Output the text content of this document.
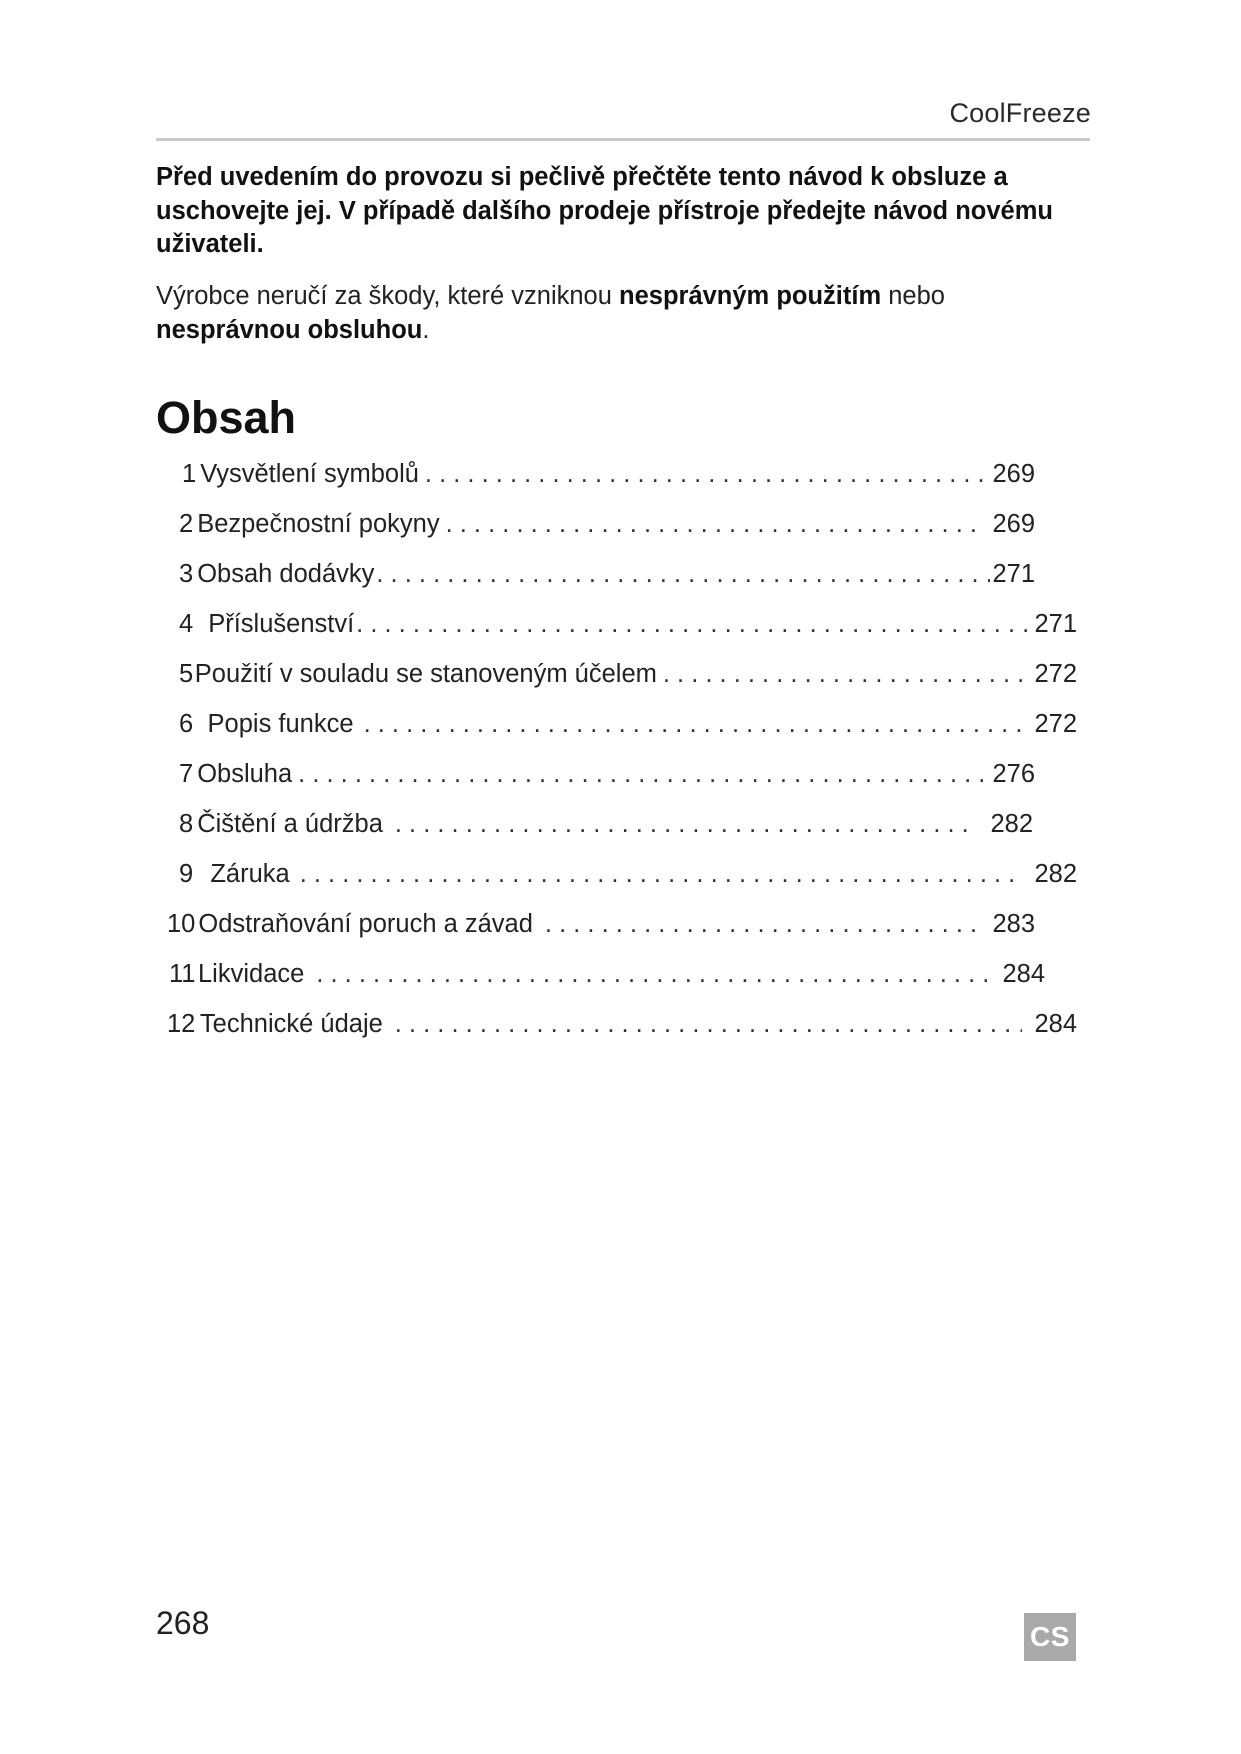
CoolFreeze

Před uvedením do provozu si pečlivě přečtěte tento návod k obsluze a uschovejte jej. V případě dalšího prodeje přístroje předejte návod novému uživateli.

Výrobce neručí za škody, které vzniknou nesprávným použitím nebo
nesprávnou obsluhou.

Obsah
1 Vysvětlení symbolů . . .	269
2 Bezpečnostní pokyny . . .	269
3 Obsah dodávky . . .	271
4 Příslušenství . . .	271
5 Použití v souladu se stanoveným účelem . . .	272
6 Popis funkce . . .	272
7 Obsluha . . .	276
8 Čištění a údržba . . .	282
9 Záruka . . .	282
10 Odstraňování poruch a závad . . .	283
11 Likvidace . . .	284
12 Technické údaje . . .	284
268	CS
